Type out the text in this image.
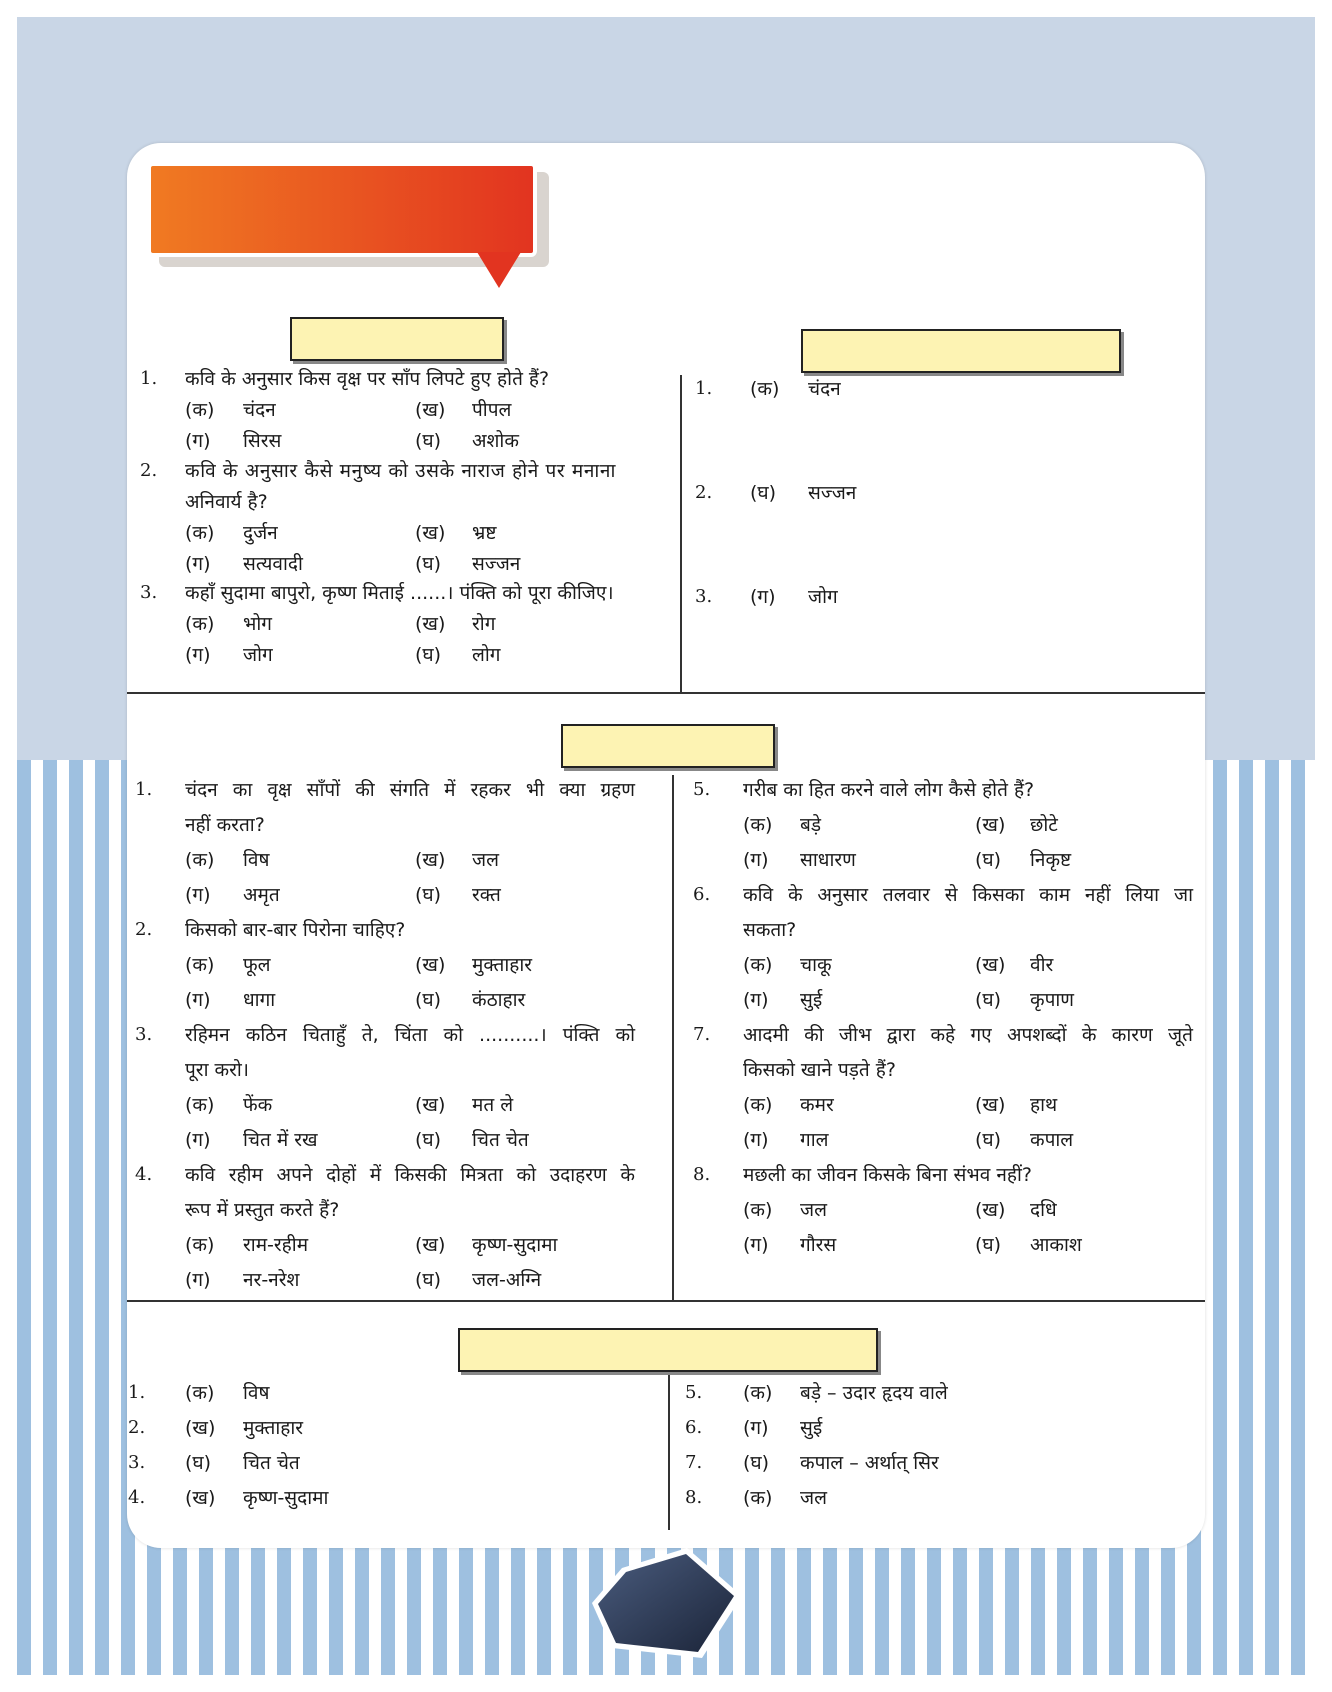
1. कवि के अनुसार किस वृक्ष पर साँप लिपटे हुए होते हैं?
(क) चंदन	(ख) पीपल
(ग) सिरस	(घ) अशोक
2. कवि के अनुसार कैसे मनुष्य को उसके नाराज होने पर मनाना
अनिवार्य है?
(क) दुर्जन	(ख) भ्रष्ट
(ग) सत्यवादी	(घ) सज्जन
3. कहाँ सुदामा बापुरो, कृष्ण मिताई ......। पंक्ति को पूरा कीजिए।
(क) भोग	(ख) रोग
(ग) जोग	(घ) लोग
1. (क) चंदन
2. (घ) सज्जन
3. (ग) जोग
1. चंदन का वृक्ष साँपों की संगति में रहकर भी क्या ग्रहण
नहीं करता?
(क) विष	(ख) जल
(ग) अमृत	(घ) रक्त
2. किसको बार-बार पिरोना चाहिए?
(क) फूल	(ख) मुक्ताहार
(ग) धागा	(घ) कंठाहार
3. रहिमन कठिन चिताहुँ ते, चिंता को ..........। पंक्ति को
पूरा करो।
(क) फेंक	(ख) मत ले
(ग) चित में रख	(घ) चित चेत
4. कवि रहीम अपने दोहों में किसकी मित्रता को उदाहरण के
रूप में प्रस्तुत करते हैं?
(क) राम-रहीम	(ख) कृष्ण-सुदामा
(ग) नर-नरेश	(घ) जल-अग्नि
5. गरीब का हित करने वाले लोग कैसे होते हैं?
(क) बड़े	(ख) छोटे
(ग) साधारण	(घ) निकृष्ट
6. कवि के अनुसार तलवार से किसका काम नहीं लिया जा
सकता?
(क) चाकू	(ख) वीर
(ग) सुई	(घ) कृपाण
7. आदमी की जीभ द्वारा कहे गए अपशब्दों के कारण जूते
किसको खाने पड़ते हैं?
(क) कमर	(ख) हाथ
(ग) गाल	(घ) कपाल
8. मछली का जीवन किसके बिना संभव नहीं?
(क) जल	(ख) दधि
(ग) गौरस	(घ) आकाश
1. (क) विष
2. (ख) मुक्ताहार
3. (घ) चित चेत
4. (ख) कृष्ण-सुदामा
5. (क) बड़े – उदार हृदय वाले
6. (ग) सुई
7. (घ) कपाल – अर्थात् सिर
8. (क) जल
